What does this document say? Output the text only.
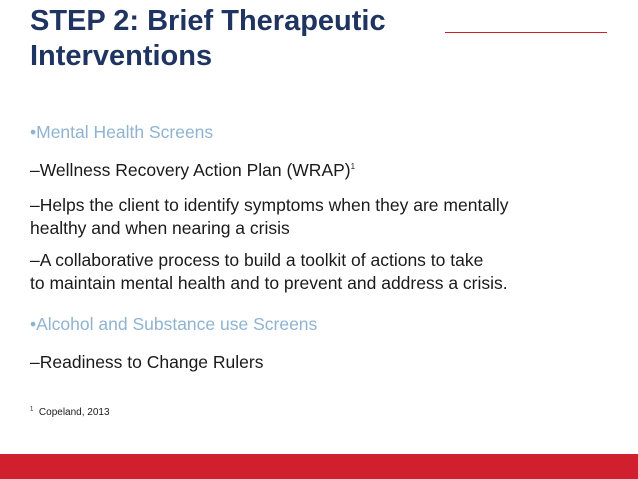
STEP 2: Brief Therapeutic
Interventions

•Mental Health Screens

–Wellness Recovery Action Plan (WRAP)$^1$

–Helps the client to identify symptoms when they are mentally
healthy and when nearing a crisis

–A collaborative process to build a toolkit of actions to take
to maintain mental health and to prevent and address a crisis.

•Alcohol and Substance use Screens

–Readiness to Change Rulers

$^1$ Copeland, 2013
